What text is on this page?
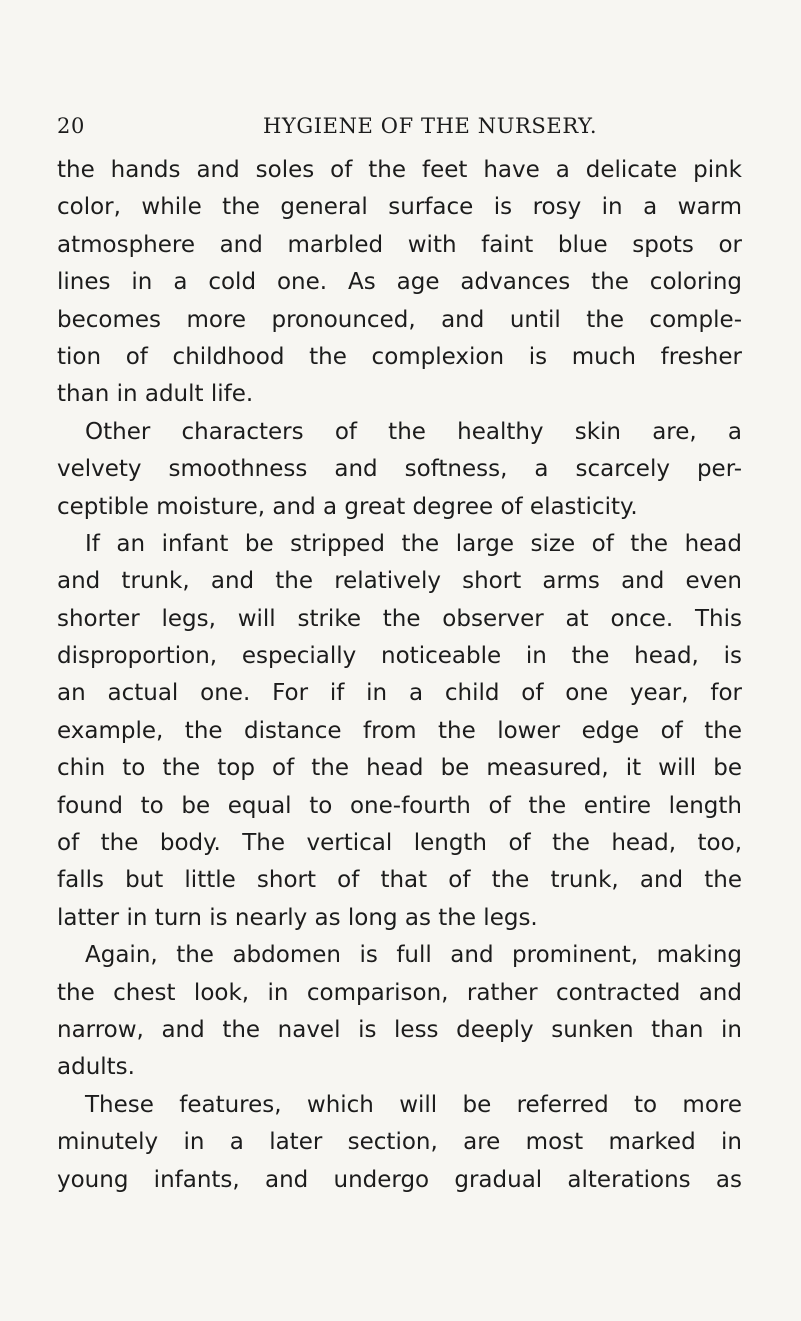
20	HYGIENE OF THE NURSERY.
the hands and soles of the feet have a delicate pink
color, while the general surface is rosy in a warm
atmosphere and marbled with faint blue spots or
lines in a cold one. As age advances the coloring
becomes more pronounced, and until the comple-
tion of childhood the complexion is much fresher
than in adult life.
Other characters of the healthy skin are, a
velvety smoothness and softness, a scarcely per-
ceptible moisture, and a great degree of elasticity.
If an infant be stripped the large size of the head
and trunk, and the relatively short arms and even
shorter legs, will strike the observer at once. This
disproportion, especially noticeable in the head, is
an actual one. For if in a child of one year, for
example, the distance from the lower edge of the
chin to the top of the head be measured, it will be
found to be equal to one-fourth of the entire length
of the body. The vertical length of the head, too,
falls but little short of that of the trunk, and the
latter in turn is nearly as long as the legs.
Again, the abdomen is full and prominent, making
the chest look, in comparison, rather contracted and
narrow, and the navel is less deeply sunken than in
adults.
These features, which will be referred to more
minutely in a later section, are most marked in
young infants, and undergo gradual alterations as
